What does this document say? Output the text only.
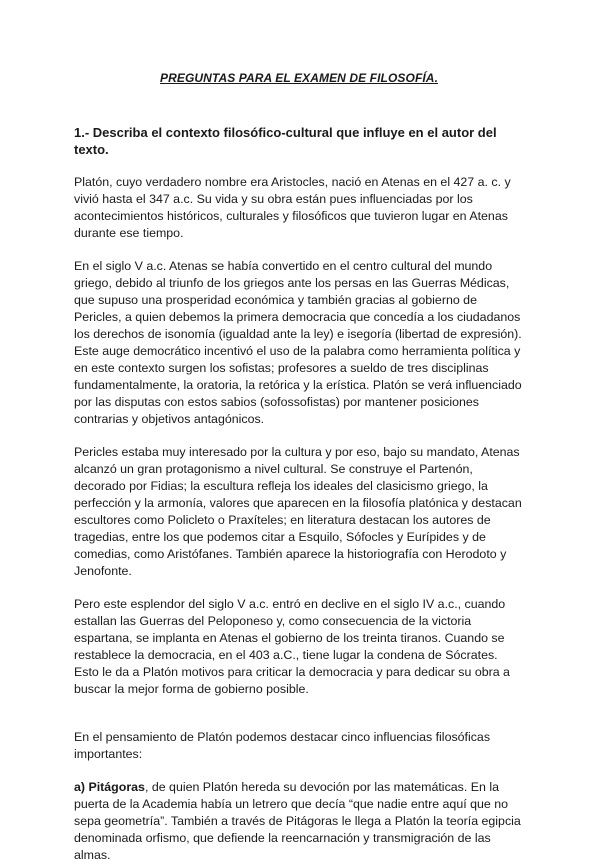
PREGUNTAS PARA EL EXAMEN DE FILOSOFÍA.
1.- Describa el contexto filosófico-cultural que influye en el autor del texto.

Platón, cuyo verdadero nombre era Aristocles, nació en Atenas en el 427 a. c. y vivió hasta el 347 a.c. Su vida y su obra están pues influenciadas por los acontecimientos históricos, culturales y filosóficos que tuvieron lugar en Atenas durante ese tiempo.

En el siglo V a.c. Atenas se había convertido en el centro cultural del mundo griego, debido al triunfo de los griegos ante los persas en las Guerras Médicas, que supuso una prosperidad económica y también gracias al gobierno de Pericles, a quien debemos la primera democracia que concedía a los ciudadanos los derechos de isonomía (igualdad ante la ley) e isegoría (libertad de expresión). Este auge democrático incentivó el uso de la palabra como herramienta política y en este contexto surgen los sofistas; profesores a sueldo de tres disciplinas fundamentalmente, la oratoria, la retórica y la erística. Platón se verá influenciado por las disputas con estos sabios (sofossofistas) por mantener posiciones contrarias y objetivos antagónicos.

Pericles estaba muy interesado por la cultura y por eso, bajo su mandato, Atenas alcanzó un gran protagonismo a nivel cultural. Se construye el Partenón, decorado por Fidias; la escultura refleja los ideales del clasicismo griego, la perfección y la armonía, valores que aparecen en la filosofía platónica y destacan escultores como Policleto o Praxíteles; en literatura destacan los autores de tragedias, entre los que podemos citar a Esquilo, Sófocles y Eurípides y de comedias, como Aristófanes. También aparece la historiografía con Herodoto y Jenofonte.

Pero este esplendor del siglo V a.c. entró en declive en el siglo IV a.c., cuando estallan las Guerras del Peloponeso y, como consecuencia de la victoria espartana, se implanta en Atenas el gobierno de los treinta tiranos. Cuando se restablece la democracia, en el 403 a.C., tiene lugar la condena de Sócrates. Esto le da a Platón motivos para criticar la democracia y para dedicar su obra a buscar la mejor forma de gobierno posible.

En el pensamiento de Platón podemos destacar cinco influencias filosóficas importantes:

a) Pitágoras, de quien Platón hereda su devoción por las matemáticas. En la puerta de la Academia había un letrero que decía “que nadie entre aquí que no sepa geometría”. También a través de Pitágoras le llega a Platón la teoría egipcia denominada orfismo, que defiende la reencarnación y transmigración de las almas.
